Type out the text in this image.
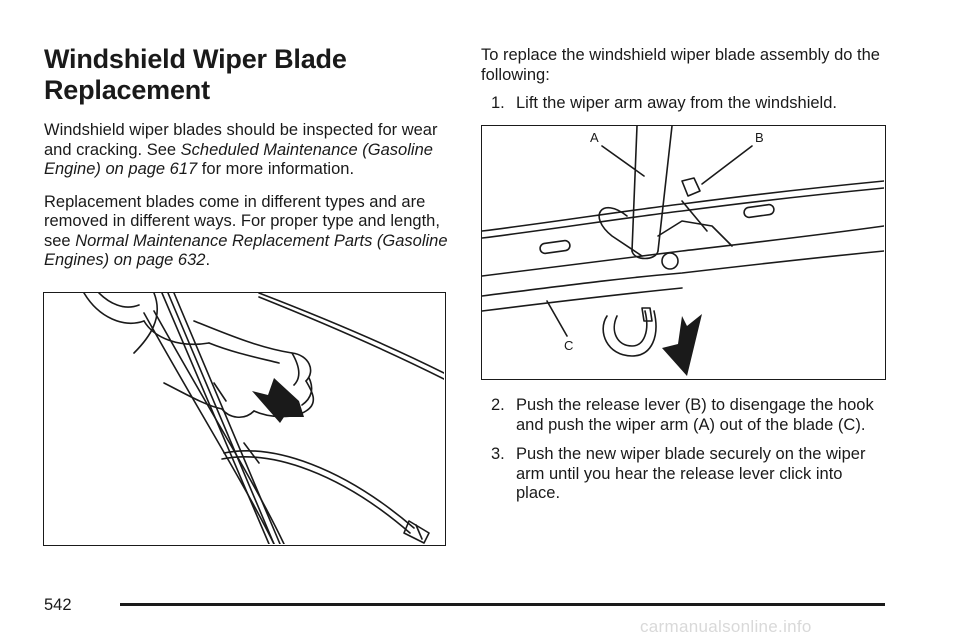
Windshield Wiper Blade
Replacement

Windshield wiper blades should be inspected for wear and cracking. See Scheduled Maintenance (Gasoline Engine) on page 617 for more information.

Replacement blades come in different types and are removed in different ways. For proper type and length, see Normal Maintenance Replacement Parts (Gasoline Engines) on page 632.

To replace the windshield wiper blade assembly do the following:

1. Lift the wiper arm away from the windshield.
A	B
C
2. Push the release lever (B) to disengage the hook and push the wiper arm (A) out of the blade (C).
3. Push the new wiper blade securely on the wiper arm until you hear the release lever click into place.
542
carmanualsonline.info
